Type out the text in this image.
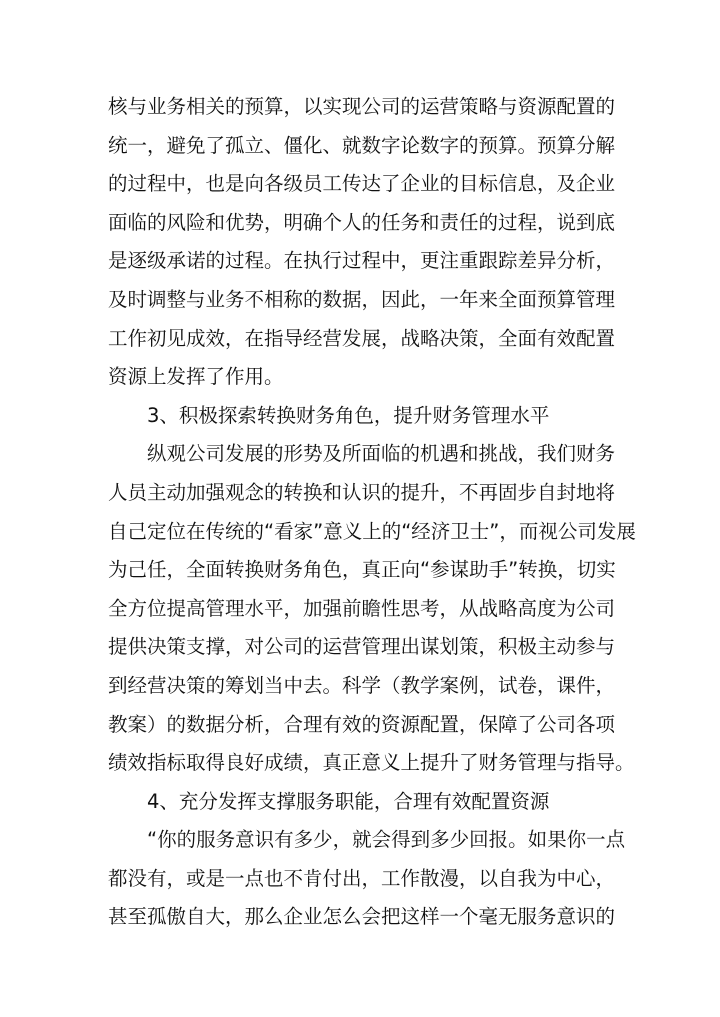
核与业务相关的预算，以实现公司的运营策略与资源配置的
统一，避免了孤立、僵化、就数字论数字的预算。预算分解
的过程中，也是向各级员工传达了企业的目标信息，及企业
面临的风险和优势，明确个人的任务和责任的过程，说到底
是逐级承诺的过程。在执行过程中，更注重跟踪差异分析，
及时调整与业务不相称的数据，因此，一年来全面预算管理
工作初见成效，在指导经营发展，战略决策，全面有效配置
资源上发挥了作用。

3、积极探索转换财务角色，提升财务管理水平

纵观公司发展的形势及所面临的机遇和挑战，我们财务
人员主动加强观念的转换和认识的提升，不再固步自封地将
自己定位在传统的“看家”意义上的“经济卫士”，而视公司发展
为己任，全面转换财务角色，真正向“参谋助手”转换，切实
全方位提高管理水平，加强前瞻性思考，从战略高度为公司
提供决策支撑，对公司的运营管理出谋划策，积极主动参与
到经营决策的筹划当中去。科学（教学案例，试卷，课件，
教案）的数据分析，合理有效的资源配置，保障了公司各项
绩效指标取得良好成绩，真正意义上提升了财务管理与指导。

4、充分发挥支撑服务职能，合理有效配置资源

“你的服务意识有多少，就会得到多少回报。如果你一点
都没有，或是一点也不肯付出，工作散漫，以自我为中心，
甚至孤傲自大，那么企业怎么会把这样一个毫无服务意识的
